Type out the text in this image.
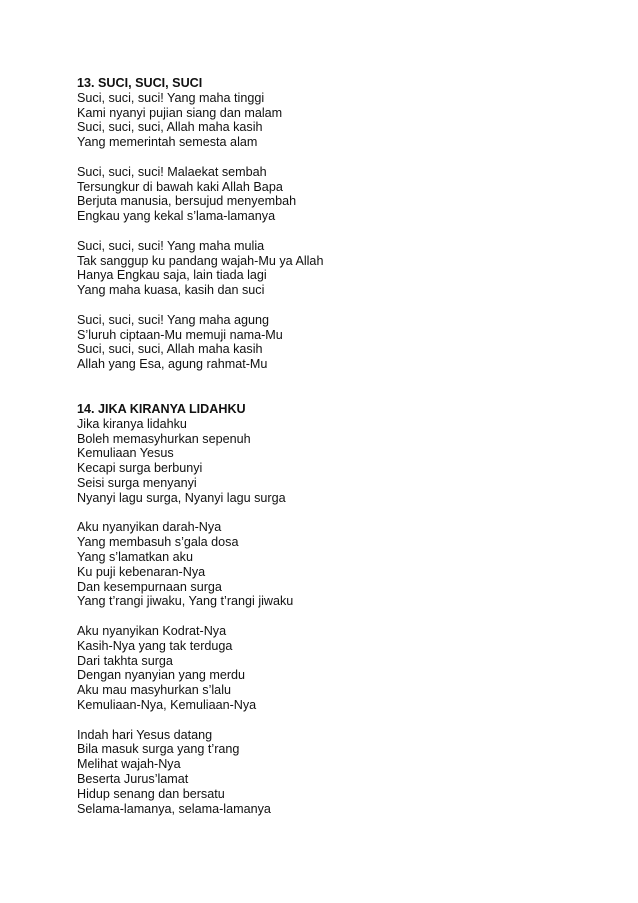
13. SUCI, SUCI, SUCI
Suci, suci, suci! Yang maha tinggi
Kami nyanyi pujian siang dan malam
Suci, suci, suci, Allah maha kasih
Yang memerintah semesta alam
Suci, suci, suci! Malaekat sembah
Tersungkur di bawah kaki Allah Bapa
Berjuta manusia, bersujud menyembah
Engkau yang kekal s’lama-lamanya
Suci, suci, suci! Yang maha mulia
Tak sanggup ku pandang wajah-Mu ya Allah
Hanya Engkau saja, lain tiada lagi
Yang maha kuasa, kasih dan suci
Suci, suci, suci! Yang maha agung
S’luruh ciptaan-Mu memuji nama-Mu
Suci, suci, suci, Allah maha kasih
Allah yang Esa, agung rahmat-Mu
14. JIKA KIRANYA LIDAHKU
Jika kiranya lidahku
Boleh memasyhurkan sepenuh
Kemuliaan Yesus
Kecapi surga berbunyi
Seisi surga menyanyi
Nyanyi lagu surga, Nyanyi lagu surga
Aku nyanyikan darah-Nya
Yang membasuh s’gala dosa
Yang s’lamatkan aku
Ku puji kebenaran-Nya
Dan kesempurnaan surga
Yang t’rangi jiwaku, Yang t’rangi jiwaku
Aku nyanyikan Kodrat-Nya
Kasih-Nya yang tak terduga
Dari takhta surga
Dengan nyanyian yang merdu
Aku mau masyhurkan s’lalu
Kemuliaan-Nya, Kemuliaan-Nya
Indah hari Yesus datang
Bila masuk surga yang t’rang
Melihat wajah-Nya
Beserta Jurus’lamat
Hidup senang dan bersatu
Selama-lamanya, selama-lamanya
